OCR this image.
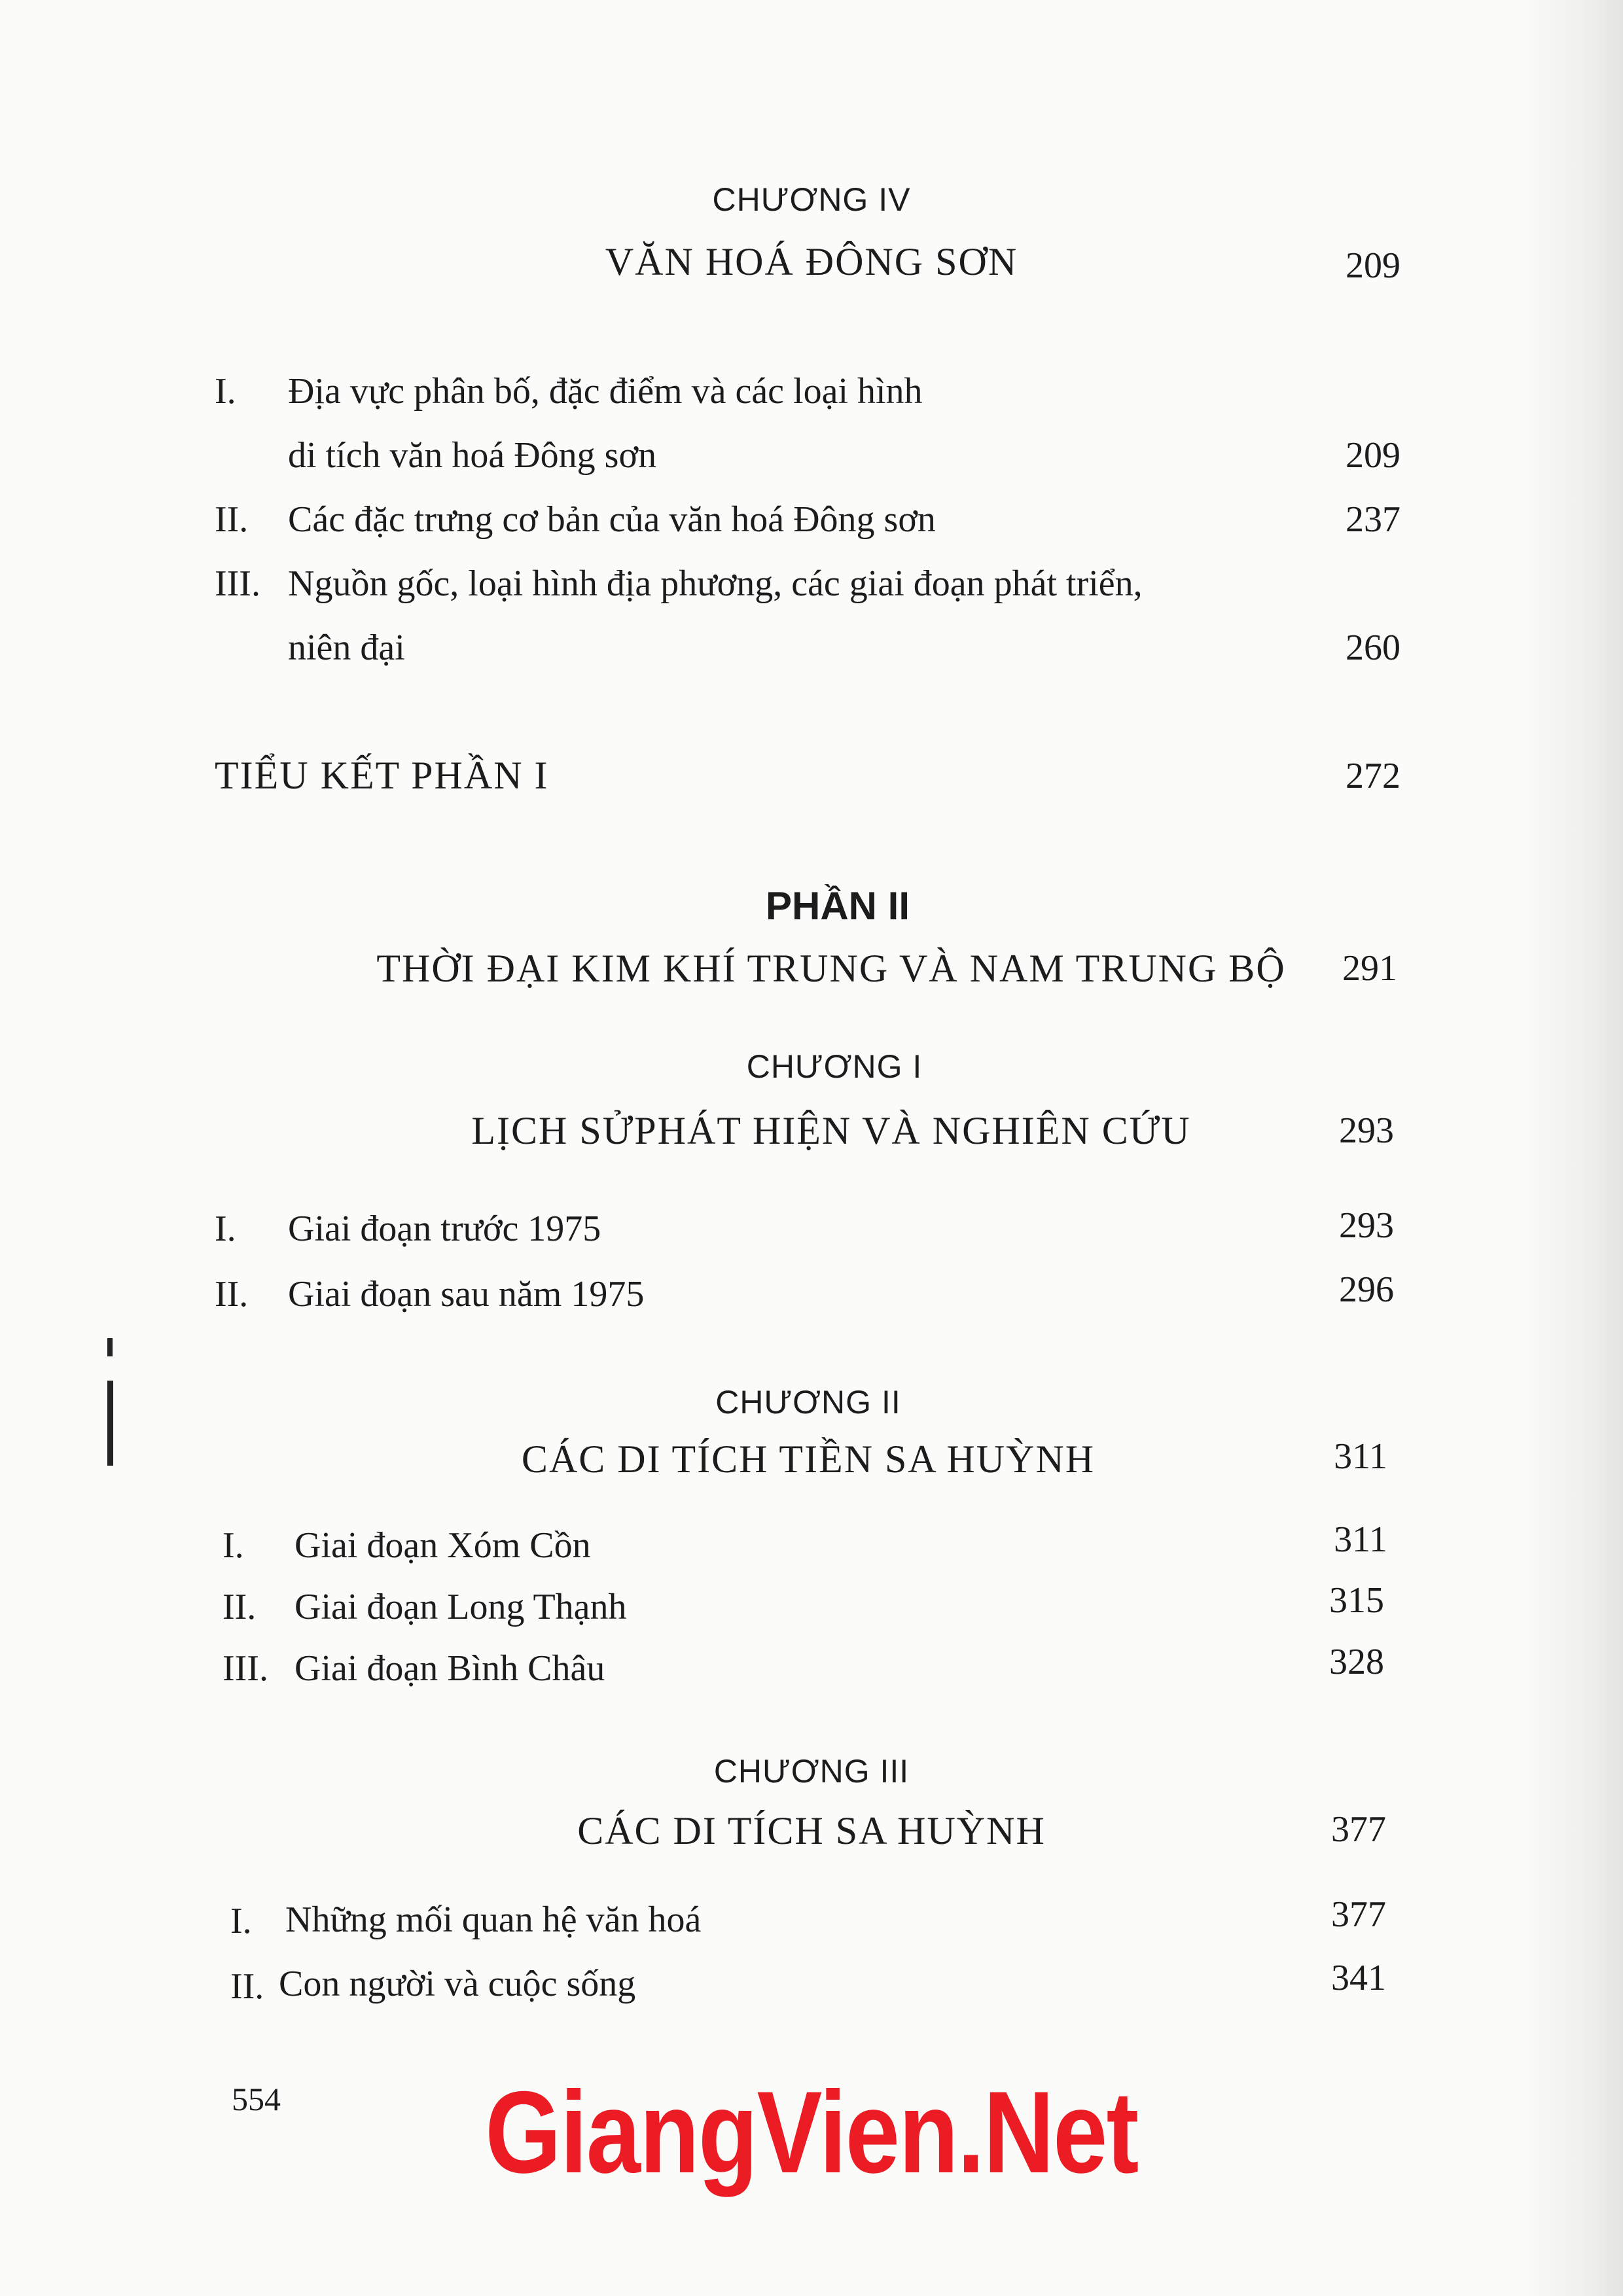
CHƯƠNG IV
VĂN HOÁ ĐÔNG SƠN	209
I. Địa vực phân bố, đặc điểm và các loại hình
di tích văn hoá Đông sơn	209
II. Các đặc trưng cơ bản của văn hoá Đông sơn	237
III. Nguồn gốc, loại hình địa phương, các giai đoạn phát triển,
niên đại	260
TIỂU KẾT PHẦN I	272
PHẦN II
THỜI ĐẠI KIM KHÍ TRUNG VÀ NAM TRUNG BỘ	291
CHƯƠNG I
LỊCH SỬPHÁT HIỆN VÀ NGHIÊN CỨU	293
I. Giai đoạn trước 1975	293
II. Giai đoạn sau năm 1975	296
CHƯƠNG II
CÁC DI TÍCH TIỀN SA HUỲNH	311
I. Giai đoạn Xóm Cồn	311
II. Giai đoạn Long Thạnh	315
III. Giai đoạn Bình Châu	328
CHƯƠNG III
CÁC DI TÍCH SA HUỲNH	377
I. Những mối quan hệ văn hoá	377
II. Con người và cuộc sống	341
554 GiangVien.Net
